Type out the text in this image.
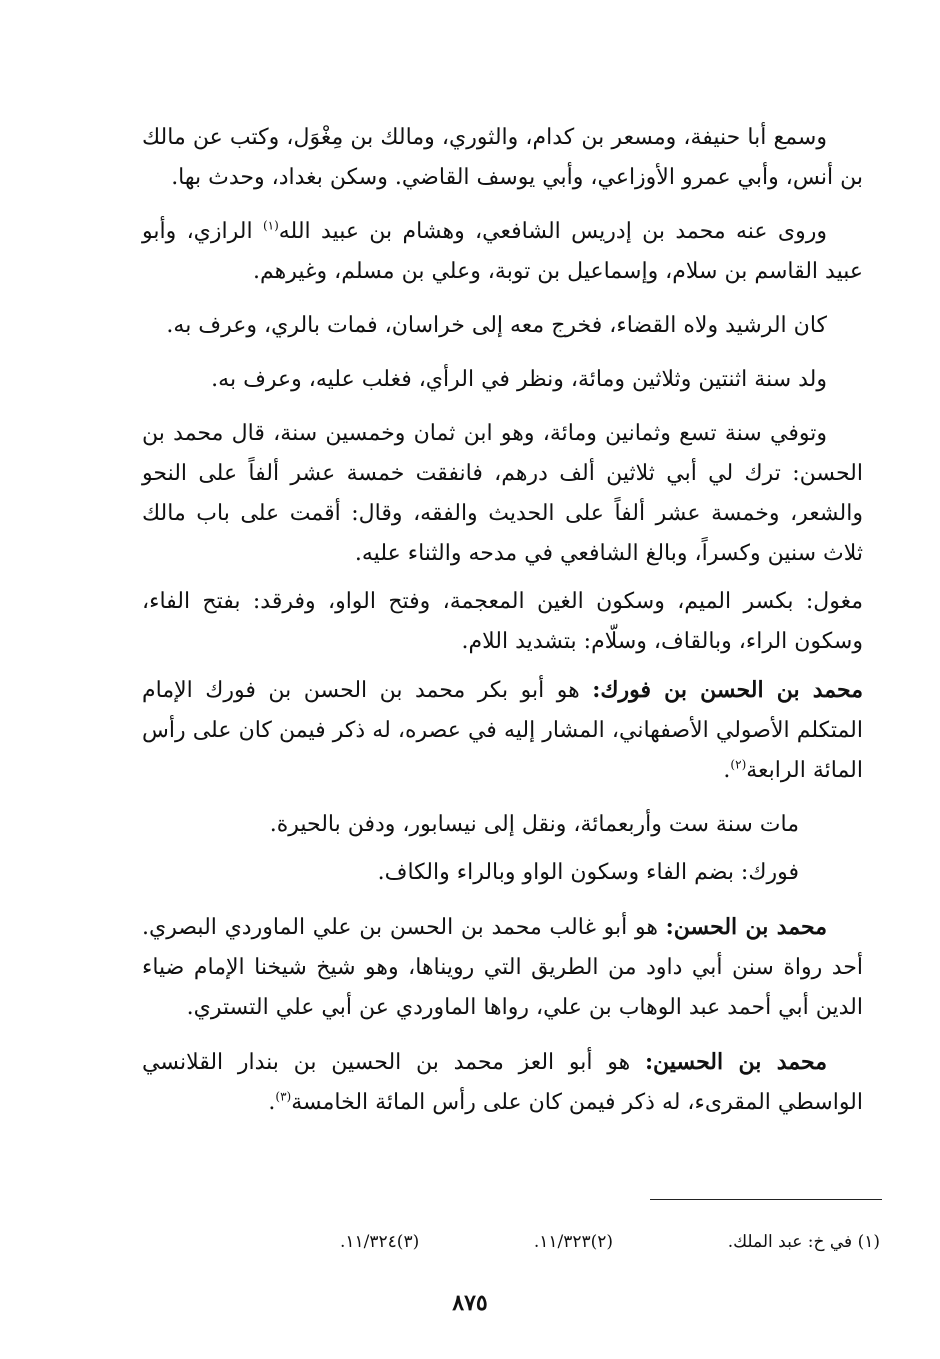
وسمع أبا حنيفة، ومسعر بن كدام، والثوري، ومالك بن مِغْوَل، وكتب عن مالك بن أنس، وأبي عمرو الأوزاعي، وأبي يوسف القاضي. وسكن بغداد، وحدث بها.

وروى عنه محمد بن إدريس الشافعي، وهشام بن عبيد الله$^{(١)}$ الرازي، وأبو عبيد القاسم بن سلام، وإسماعيل بن توبة، وعلي بن مسلم، وغيرهم.

كان الرشيد ولاه القضاء، فخرج معه إلى خراسان، فمات بالري، وعرف به.

ولد سنة اثنتين وثلاثين ومائة، ونظر في الرأي، فغلب عليه، وعرف به.

وتوفي سنة تسع وثمانين ومائة، وهو ابن ثمان وخمسين سنة، قال محمد بن الحسن: ترك لي أبي ثلاثين ألف درهم، فانفقت خمسة عشر ألفاً على النحو والشعر، وخمسة عشر ألفاً على الحديث والفقه، وقال: أقمت على باب مالك ثلاث سنين وكسراً، وبالغ الشافعي في مدحه والثناء عليه.

مغول: بكسر الميم، وسكون الغين المعجمة، وفتح الواو، وفرقد: بفتح الفاء، وسكون الراء، وبالقاف، وسلّام: بتشديد اللام.

محمد بن الحسن بن فورك: هو أبو بكر محمد بن الحسن بن فورك الإمام المتكلم الأصولي الأصفهاني، المشار إليه في عصره، له ذكر فيمن كان على رأس المائة الرابعة$^{(٢)}$.

مات سنة ست وأربعمائة، ونقل إلى نيسابور، ودفن بالحيرة.

فورك: بضم الفاء وسكون الواو وبالراء والكاف.

محمد بن الحسن: هو أبو غالب محمد بن الحسن بن علي الماوردي البصري. أحد رواة سنن أبي داود من الطريق التي رويناها، وهو شيخ شيخنا الإمام ضياء الدين أبي أحمد عبد الوهاب بن علي، رواها الماوردي عن أبي علي التستري.

محمد بن الحسين: هو أبو العز محمد بن الحسين بن بندار القلانسي الواسطي المقرىء، له ذكر فيمن كان على رأس المائة الخامسة$^{(٣)}$.

(١) في خ: عبد الملك.
(٢)١١/٣٢٣.
(٣)١١/٣٢٤.
٨٧٥
